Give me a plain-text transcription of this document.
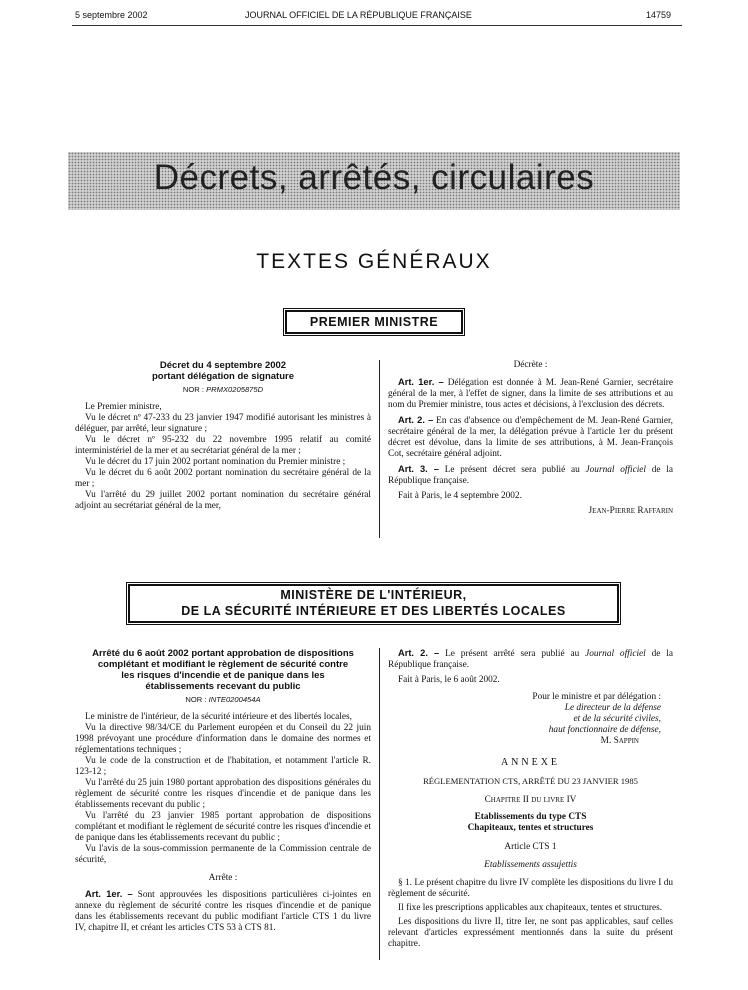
5 septembre 2002	JOURNAL OFFICIEL DE LA RÉPUBLIQUE FRANÇAISE	14759
Décrets, arrêtés, circulaires
TEXTES GÉNÉRAUX
PREMIER MINISTRE
Décret du 4 septembre 2002
portant délégation de signature
NOR : PRMX0205875D

Le Premier ministre,

Vu le décret nº 47-233 du 23 janvier 1947 modifié autorisant les ministres à déléguer, par arrêté, leur signature ;

Vu le décret nº 95-232 du 22 novembre 1995 relatif au comité interministériel de la mer et au secrétariat général de la mer ;

Vu le décret du 17 juin 2002 portant nomination du Premier ministre ;

Vu le décret du 6 août 2002 portant nomination du secrétaire général de la mer ;

Vu l'arrêté du 29 juillet 2002 portant nomination du secrétaire général adjoint au secrétariat général de la mer,

Décrète :

Art. 1er. – Délégation est donnée à M. Jean-René Garnier, secrétaire général de la mer, à l'effet de signer, dans la limite de ses attributions et au nom du Premier ministre, tous actes et décisions, à l'exclusion des décrets.

Art. 2. – En cas d'absence ou d'empêchement de M. Jean-René Garnier, secrétaire général de la mer, la délégation prévue à l'article 1er du présent décret est dévolue, dans la limite de ses attributions, à M. Jean-François Cot, secrétaire général adjoint.

Art. 3. – Le présent décret sera publié au Journal officiel de la République française.

Fait à Paris, le 4 septembre 2002.

Jean-Pierre Raffarin
MINISTÈRE DE L'INTÉRIEUR,
DE LA SÉCURITÉ INTÉRIEURE ET DES LIBERTÉS LOCALES
Arrêté du 6 août 2002 portant approbation de dispositions
complétant et modifiant le règlement de sécurité contre
les risques d'incendie et de panique dans les
établissements recevant du public
NOR : INTE0200454A

Le ministre de l'intérieur, de la sécurité intérieure et des libertés locales,

Vu la directive 98/34/CE du Parlement européen et du Conseil du 22 juin 1998 prévoyant une procédure d'information dans le domaine des normes et réglementations techniques ;

Vu le code de la construction et de l'habitation, et notamment l'article R. 123-12 ;

Vu l'arrêté du 25 juin 1980 portant approbation des dispositions générales du règlement de sécurité contre les risques d'incendie et de panique dans les établissements recevant du public ;

Vu l'arrêté du 23 janvier 1985 portant approbation de dispositions complétant et modifiant le règlement de sécurité contre les risques d'incendie et de panique dans les établissements recevant du public ;

Vu l'avis de la sous-commission permanente de la Commission centrale de sécurité,

Arrête :

Art. 1er. – Sont approuvées les dispositions particulières ci-jointes en annexe du règlement de sécurité contre les risques d'incendie et de panique dans les établissements recevant du public modifiant l'article CTS 1 du livre IV, chapitre II, et créant les articles CTS 53 à CTS 81.

Art. 2. – Le présent arrêté sera publié au Journal officiel de la République française.

Fait à Paris, le 6 août 2002.

Pour le ministre et par délégation :
Le directeur de la défense
et de la sécurité civiles,
haut fonctionnaire de défense,
M. Sappin
ANNEXE
RÉGLEMENTATION CTS, ARRÊTÉ DU 23 JANVIER 1985
Chapitre II du livre IV
Etablissements du type CTS
Chapiteaux, tentes et structures
Article CTS 1
Etablissements assujettis

§ 1. Le présent chapitre du livre IV complète les dispositions du livre I du règlement de sécurité.

Il fixe les prescriptions applicables aux chapiteaux, tentes et structures.

Les dispositions du livre II, titre Ier, ne sont pas applicables, sauf celles relevant d'articles expressément mentionnés dans la suite du présent chapitre.
